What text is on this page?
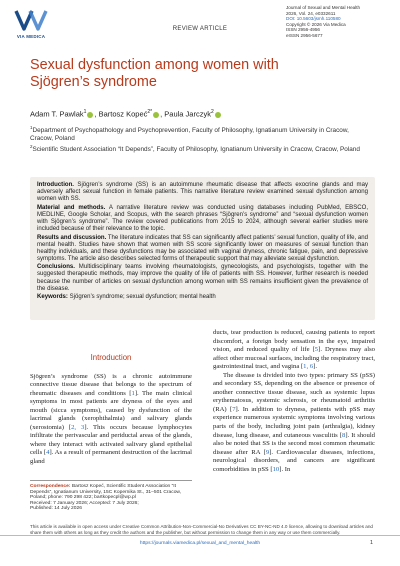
VIA MEDICA
REVIEW ARTICLE
Journal of Sexual and Mental Health
2026, Vol. 24, e0332611
DOI: 10.5603/jsmh.110580
Copyright © 2026 Via Medica
ISSN 2956-4956
eISSN 2956-5677
Sexual dysfunction among women with Sjögren’s syndrome
Adam T. Pawlak$^1$ , Bartosz Kopeć$^{2*}$ , Paula Jarczyk$^2$
$^1$Department of Psychopathology and Psychoprevention, Faculty of Philosophy, Ignatianum University in Cracow, Cracow, Poland
$^2$Scientific Student Association “It Depends”, Faculty of Philosophy, Ignatianum University in Cracow, Cracow, Poland

Introduction. Sjögren’s syndrome (SS) is an autoimmune rheumatic disease that affects exocrine glands and may adversely affect sexual function in female patients. This narrative literature review examined sexual dysfunction among women with SS.

Material and methods. A narrative literature review was conducted using databases including PubMed, EBSCO, MEDLINE, Google Scholar, and Scopus, with the search phrases “Sjögren’s syndrome” and “sexual dysfunction women with Sjögren’s syndrome”. The review covered publications from 2015 to 2024, although several earlier studies were included because of their relevance to the topic.

Results and discussion. The literature indicates that SS can significantly affect patients’ sexual function, quality of life, and mental health. Studies have shown that women with SS score significantly lower on measures of sexual function than healthy individuals, and these dysfunctions may be associated with vaginal dryness, chronic fatigue, pain, and depressive symptoms. The article also describes selected forms of therapeutic support that may alleviate sexual dysfunction.

Conclusions. Multidisciplinary teams involving rheumatologists, gynecologists, and psychologists, together with the suggested therapeutic methods, may improve the quality of life of patients with SS. However, further research is needed because the number of articles on sexual dysfunction among women with SS remains insufficient given the prevalence of the disease.

Keywords: Sjögren’s syndrome; sexual dysfunction; mental health

Introduction

Sjögren’s syndrome (SS) is a chronic autoimmune connective tissue disease that belongs to the spectrum of rheumatic diseases and conditions [1]. The main clinical symptoms in most patients are dryness of the eyes and mouth (sicca symptoms), caused by dysfunction of the lacrimal glands (xerophthalmia) and salivary glands (xerostomia) [2, 3]. This occurs because lymphocytes infiltrate the perivascular and periductal areas of the glands, where they interact with activated salivary gland epithelial cells [4]. As a result of permanent destruction of the lacrimal gland

ducts, tear production is reduced, causing patients to report discomfort, a foreign body sensation in the eye, impaired vision, and reduced quality of life [5]. Dryness may also affect other mucosal surfaces, including the respiratory tract, gastrointestinal tract, and vagina [1, 6].

The disease is divided into two types: primary SS (pSS) and secondary SS, depending on the absence or presence of another connective tissue disease, such as systemic lupus erythematosus, systemic sclerosis, or rheumatoid arthritis (RA) [7]. In addition to dryness, patients with pSS may experience numerous systemic symptoms involving various parts of the body, including joint pain (arthralgia), kidney disease, lung disease, and cutaneous vasculitis [8]. It should also be noted that SS is the second most common rheumatic disease after RA [9]. Cardiovascular diseases, infections, neurological disorders, and cancers are significant comorbidities in pSS [10]. In

Correspondence: Bartosz Kopeć, Scientific Student Association “It Depends”, Ignatianum University, 15C Kopernika St., 31–501 Cracow, Poland; phone: 790 298 422; bartkopecpl@wp.pl
Received: 7 January 2026; Accepted: 7 July 2026;
Published: 14 July 2026
This article is available in open access under Creative Common Attribution-Non-Commercial-No Derivatives CC BY-NC-ND 4.0 licence, allowing to download articles and share them with others as long as they credit the authors and the publisher, but without permission to change them in any way or use them commercially.
https://journals.viamedica.pl/sexual_and_mental_health	1
